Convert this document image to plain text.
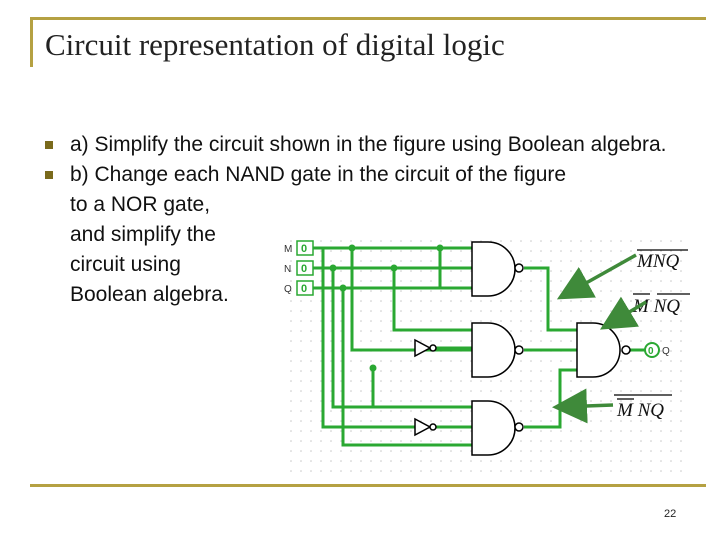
Circuit representation of digital logic
a) Simplify the circuit shown in the figure using Boolean algebra.
b) Change each NAND gate in the circuit of the figure
to a NOR gate,
and simplify the
circuit using
Boolean algebra.
M
N
Q
0
0
0
0 Q
MNQ
M NQ
M NQ
22
